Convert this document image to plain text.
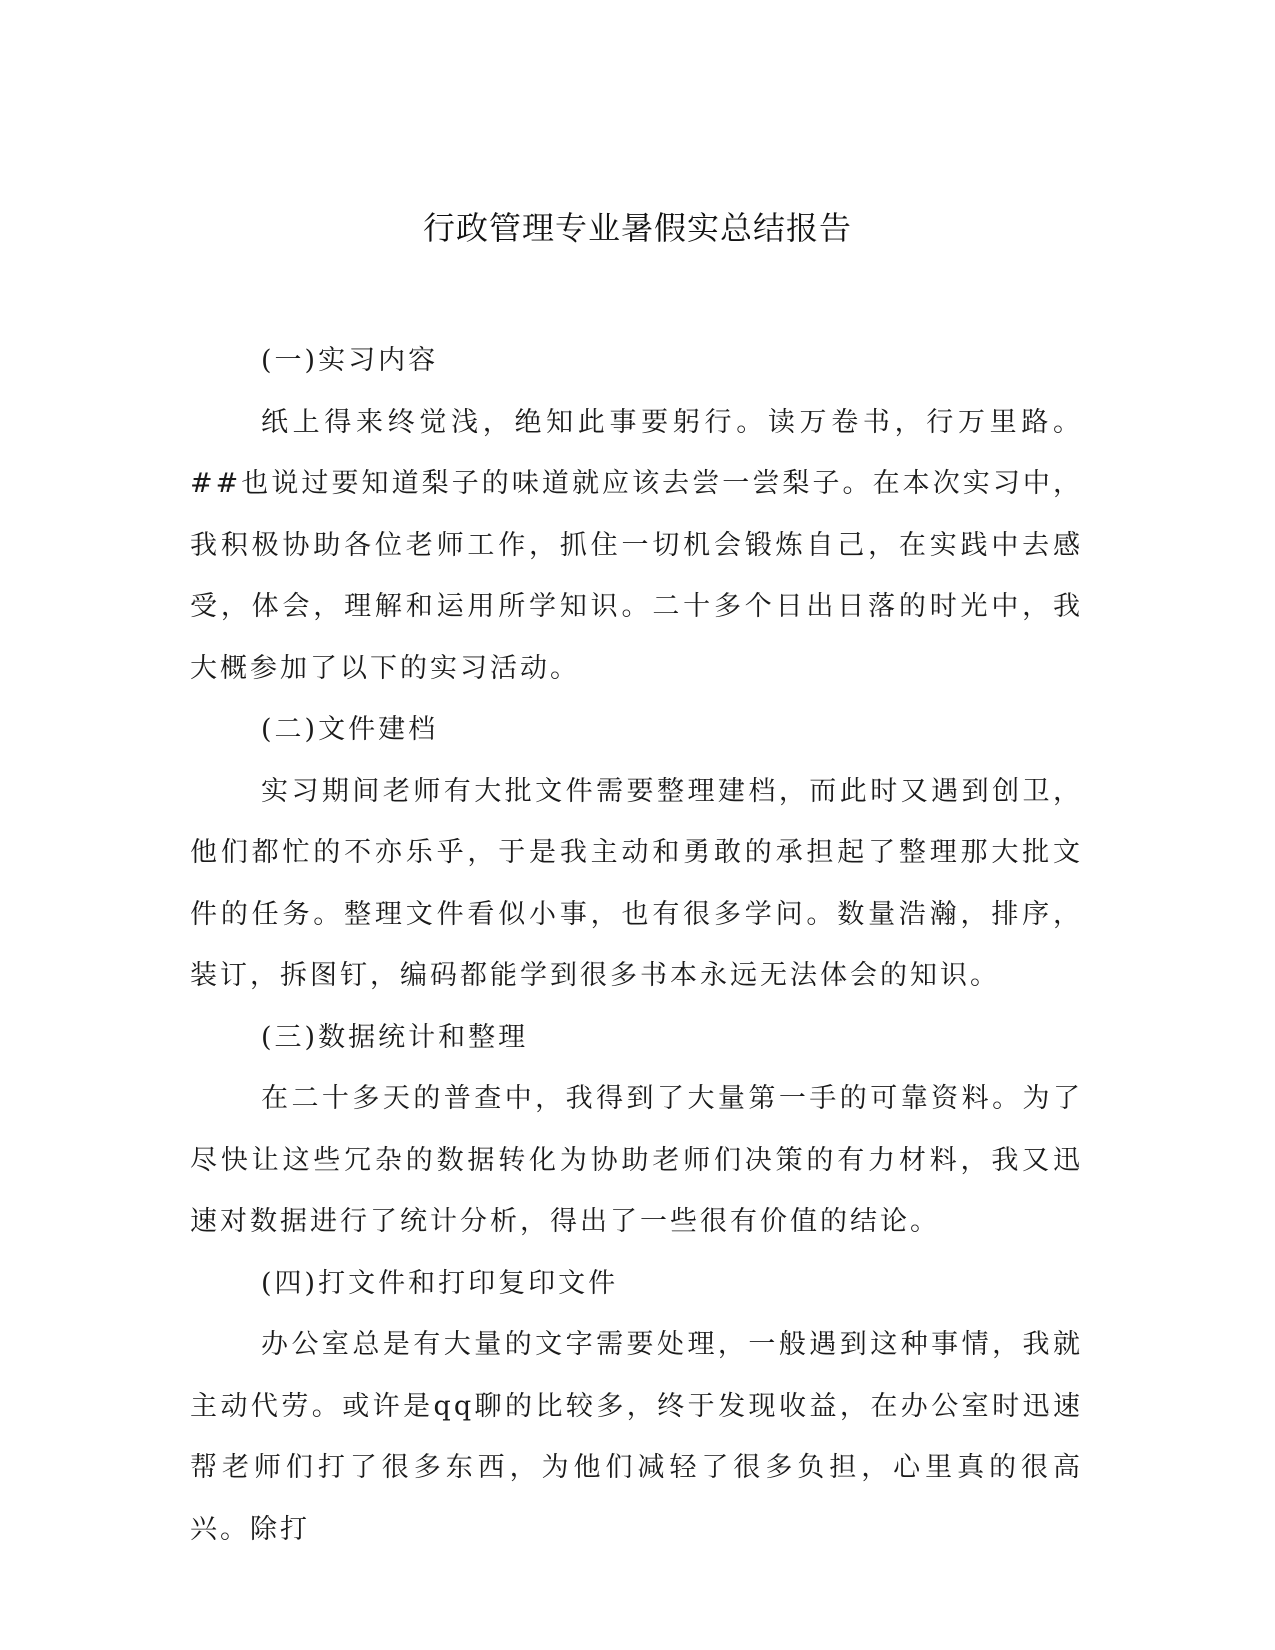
行政管理专业暑假实总结报告

(一)实习内容

纸上得来终觉浅，绝知此事要躬行。读万卷书，行万里路。##也说过要知道梨子的味道就应该去尝一尝梨子。在本次实习中，我积极协助各位老师工作，抓住一切机会锻炼自己，在实践中去感受，体会，理解和运用所学知识。二十多个日出日落的时光中，我大概参加了以下的实习活动。

(二)文件建档

实习期间老师有大批文件需要整理建档，而此时又遇到创卫，他们都忙的不亦乐乎，于是我主动和勇敢的承担起了整理那大批文件的任务。整理文件看似小事，也有很多学问。数量浩瀚，排序，装订，拆图钉，编码都能学到很多书本永远无法体会的知识。

(三)数据统计和整理

在二十多天的普查中，我得到了大量第一手的可靠资料。为了尽快让这些冗杂的数据转化为协助老师们决策的有力材料，我又迅速对数据进行了统计分析，得出了一些很有价值的结论。

(四)打文件和打印复印文件

办公室总是有大量的文字需要处理，一般遇到这种事情，我就主动代劳。或许是qq聊的比较多，终于发现收益，在办公室时迅速帮老师们打了很多东西，为他们减轻了很多负担，心里真的很高兴。除打
